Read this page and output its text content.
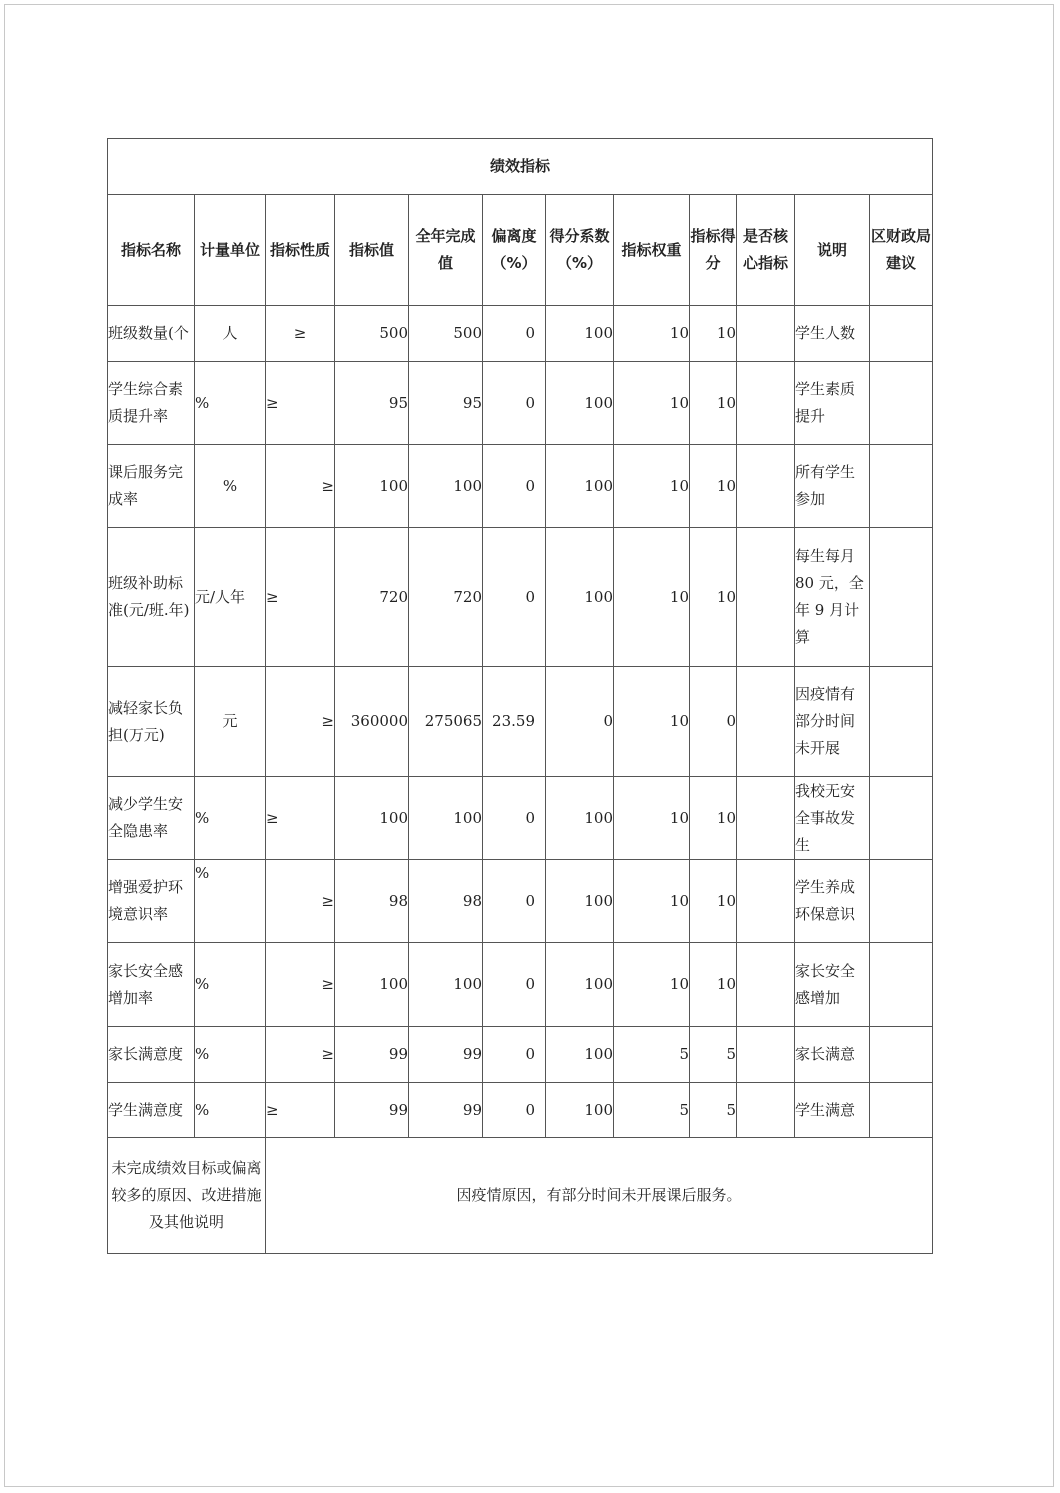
绩效指标											
指标名称	计量单位	指标性质	指标值	全年完成值	偏离度（%）	得分系数（%）	指标权重	指标得分	是否核心指标	说明	区财政局建议
班级数量(个	人	≥	500	500	0	100	10	10		学生人数	
学生综合素质提升率	%	≥	95	95	0	100	10	10		学生素质提升	
课后服务完成率	%	≥	100	100	0	100	10	10		所有学生参加	
班级补助标准(元/班.年)	元/人年	≥	720	720	0	100	10	10		每生每月 80 元，全年 9 月计算	
减轻家长负担(万元)	元	≥	360000	275065	23.59	0	10	0		因疫情有部分时间未开展	
减少学生安全隐患率	%	≥	100	100	0	100	10	10		我校无安全事故发生	
增强爱护环境意识率	%	≥	98	98	0	100	10	10		学生养成环保意识	
家长安全感增加率	%	≥	100	100	0	100	10	10		家长安全感增加	
家长满意度	%	≥	99	99	0	100	5	5		家长满意	
学生满意度	%	≥	99	99	0	100	5	5		学生满意	
未完成绩效目标或偏离较多的原因、改进措施及其他说明		因疫情原因，有部分时间未开展课后服务。									
